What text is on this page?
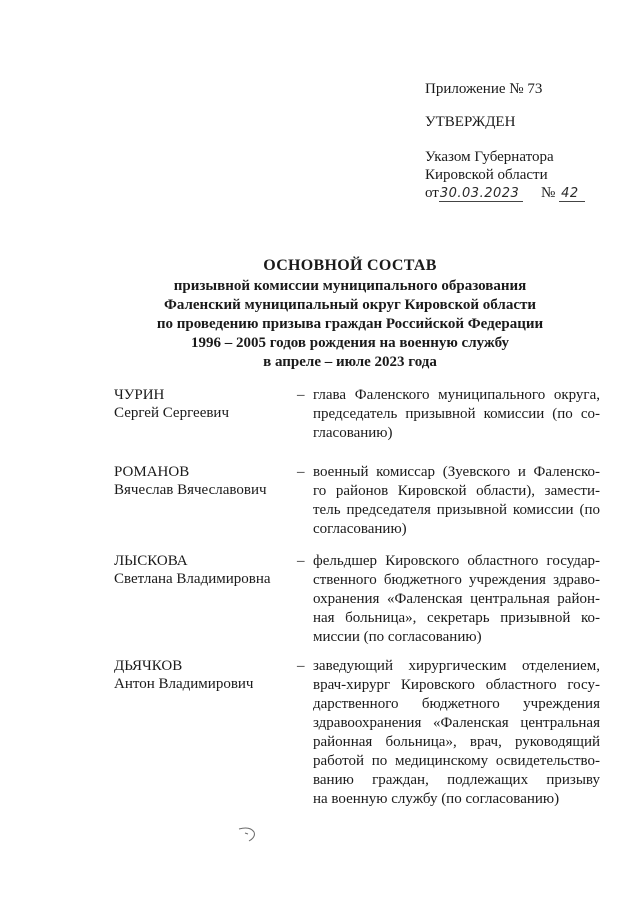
Приложение № 73
УТВЕРЖДЕН
Указом Губернатора
Кировской области
от30.03.2023 № 42
ОСНОВНОЙ СОСТАВ
призывной комиссии муниципального образования
Фаленский муниципальный округ Кировской области
по проведению призыва граждан Российской Федерации
1996 – 2005 годов рождения на военную службу
в апреле – июле 2023 года
ЧУРИН
Сергей Сергеевич
– глава Фаленского муниципального округа,
председатель призывной комиссии (по со-
гласованию)
РОМАНОВ
Вячеслав Вячеславович
– военный комиссар (Зуевского и Фаленско-
го районов Кировской области), замести-
тель председателя призывной комиссии (по
согласованию)
ЛЫСКОВА
Светлана Владимировна
– фельдшер Кировского областного государ-
ственного бюджетного учреждения здраво-
охранения «Фаленская центральная район-
ная больница», секретарь призывной ко-
миссии (по согласованию)
ДЬЯЧКОВ
Антон Владимирович
– заведующий хирургическим отделением,
врач-хирург Кировского областного госу-
дарственного бюджетного учреждения
здравоохранения «Фаленская центральная
районная больница», врач, руководящий
работой по медицинскому освидетельство-
ванию граждан, подлежащих призыву
на военную службу (по согласованию)
